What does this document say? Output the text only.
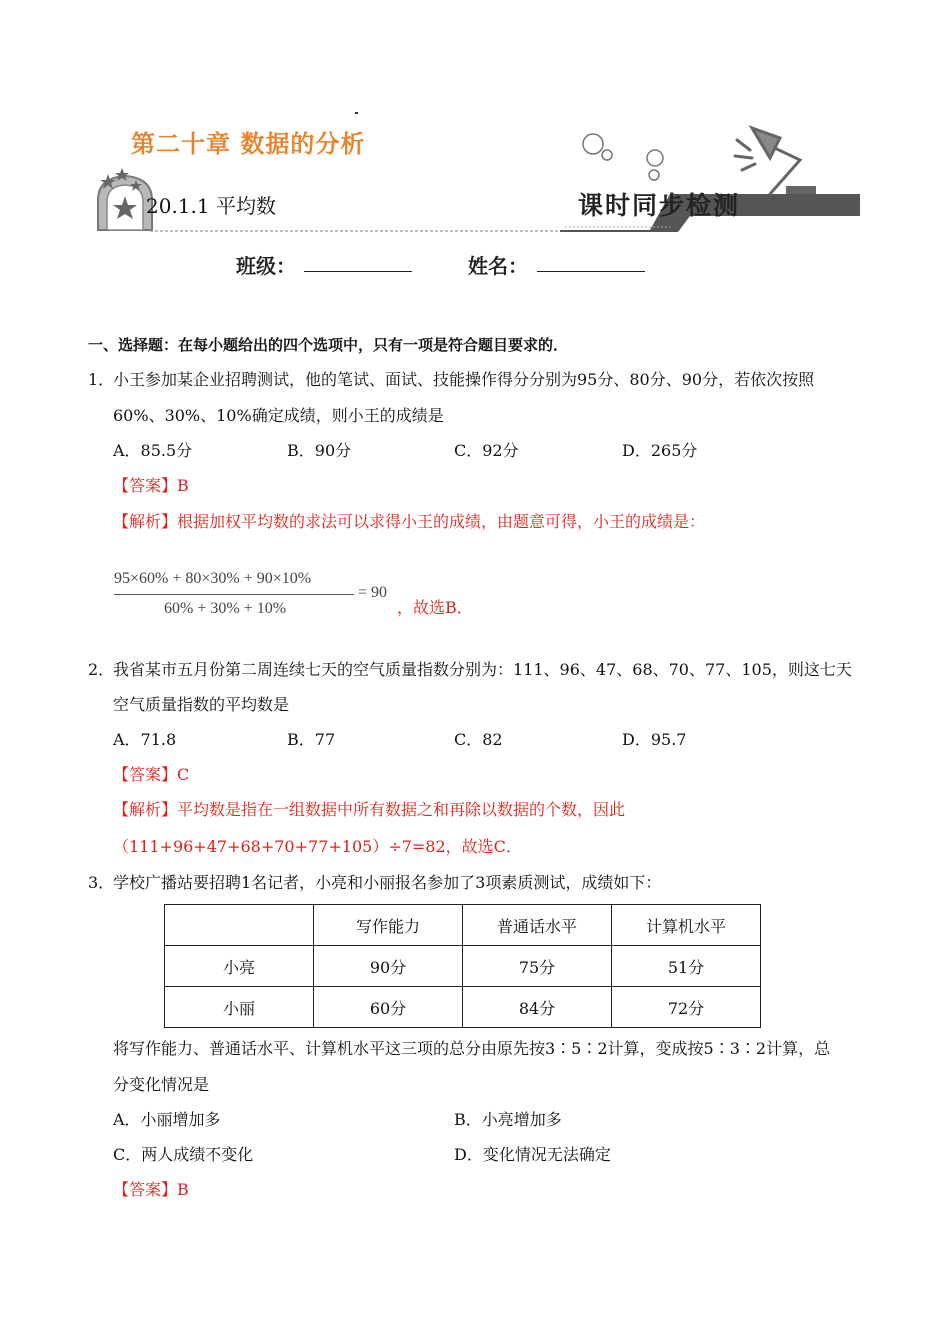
第二十章 数据的分析
20.1.1 平均数	课时同步检测
班级：	姓名：
一、选择题：在每小题给出的四个选项中，只有一项是符合题目要求的．
1．
小王参加某企业招聘测试，他的笔试、面试、技能操作得分分别为95分、80分、90分，若依次按照
60%、30%、10%确定成绩，则小王的成绩是
A．85.5分	B．90分	C．92分	D．265分
【答案】B
【解析】根据加权平均数的求法可以求得小王的成绩，由题意可得，小王的成绩是：
95×60% + 80×30% + 90×10%
60% + 30% + 10%
= 90
，故选B．
2．
我省某市五月份第二周连续七天的空气质量指数分别为：111、96、47、68、70、77、105，则这七天
空气质量指数的平均数是
A．71.8	B．77	C．82	D．95.7
【答案】C
【解析】平均数是指在一组数据中所有数据之和再除以数据的个数，因此
（111+96+47+68+70+77+105）÷7=82，故选C．
3．
学校广播站要招聘1名记者，小亮和小丽报名参加了3项素质测试，成绩如下：
	写作能力	普通话水平	计算机水平
小亮	90分	75分	51分
小丽	60分	84分	72分
将写作能力、普通话水平、计算机水平这三项的总分由原先按3∶5∶2计算，变成按5∶3∶2计算，总
分变化情况是
A．小丽增加多	B．小亮增加多
C．两人成绩不变化	D．变化情况无法确定
【答案】B
